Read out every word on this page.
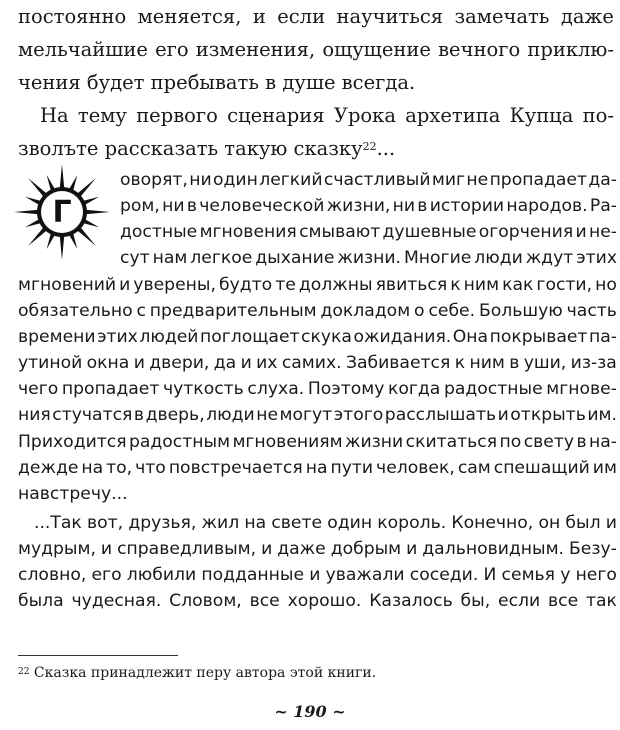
постоянно меняется, и если научиться замечать даже
мельчайшие его изменения, ощущение вечного приклю-
чения будет пребывать в душе всегда.
На тему первого сценария Урока архетипа Купца по-
зволъте рассказать такую сказку$^{22}$ ...
Г
оворят, ни один легкий счастливый миг не пропадает да-
ром, ни в человеческой жизни, ни в истории народов. Ра-
достные мгновения смывают душевные огорчения и не-
сут нам легкое дыхание жизни. Многие люди ждут этих
мгновений и уверены, будто те должны явиться к ним как гости, но
обязательно с предварительным докладом о себе. Большую часть
времени этих людей поглощает скука ожидания. Она покрывает па-
утиной окна и двери, да и их самих. Забивается к ним в уши, из-за
чего пропадает чуткость слуха. Поэтому когда радостные мгнове-
ния стучатся в дверь, люди не могут этого расслышать и открыть им.
Приходится радостным мгновениям жизни скитаться по свету в на-
дежде на то, что повстречается на пути человек, сам спешащий им
навстречу...
...Так вот, друзья, жил на свете один король. Конечно, он был и
мудрым, и справедливым, и даже добрым и дальновидным. Безу-
словно, его любили подданные и уважали соседи. И семья у него
была чудесная. Словом, все хорошо. Казалось бы, если все так
$^{22}$ Сказка принадлежит перу автора этой книги.
~ 190 ~
